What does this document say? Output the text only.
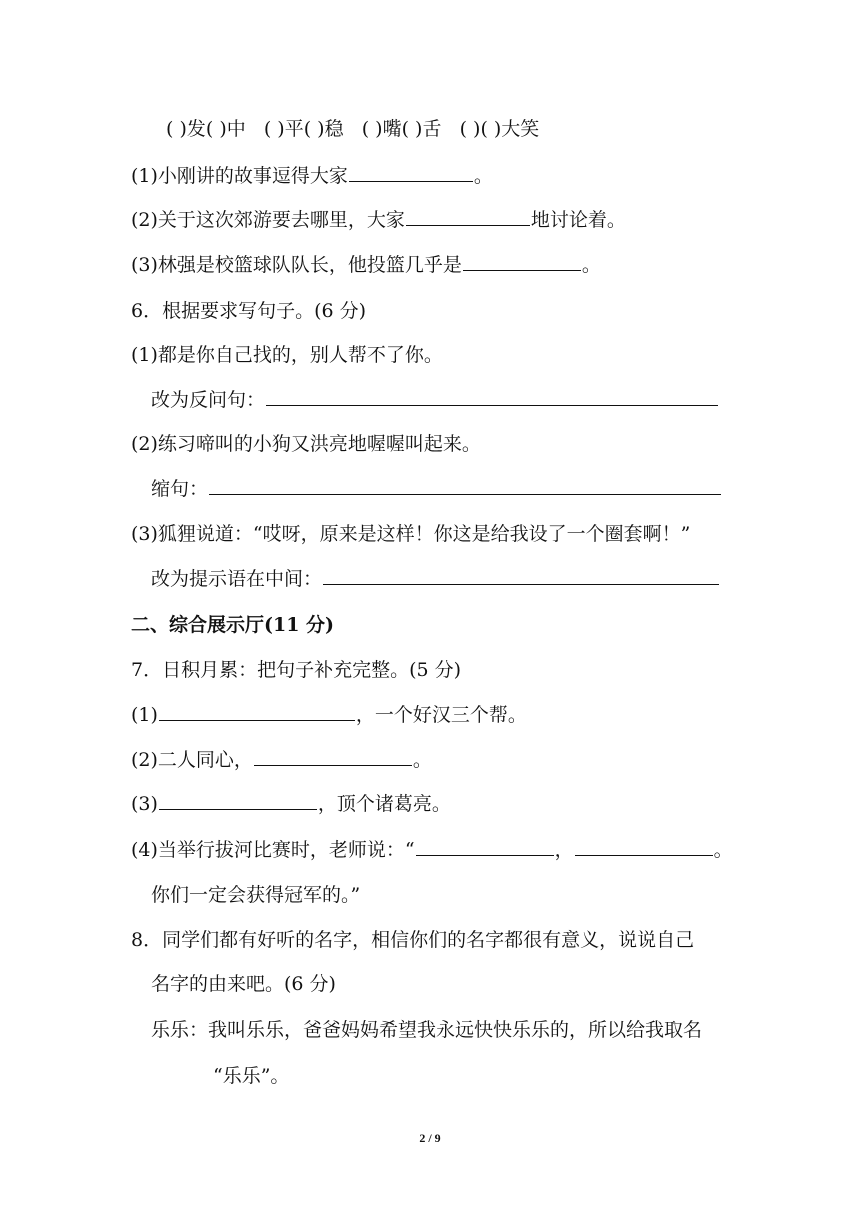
( )发( )中 ( )平( )稳 ( )嘴( )舌 ( )( )大笑
(1)小刚讲的故事逗得大家	。
(2)关于这次郊游要去哪里，大家	地讨论着。
(3)林强是校篮球队队长，他投篮几乎是	。
6．根据要求写句子。(6 分)
(1)都是你自己找的，别人帮不了你。
改为反问句：
(2)练习啼叫的小狗又洪亮地喔喔叫起来。
缩句：
(3)狐狸说道：“哎呀，原来是这样！你这是给我设了一个圈套啊！”
改为提示语在中间：
二、综合展示厅(11 分)
7．日积月累：把句子补充完整。(5 分)
(1)	，一个好汉三个帮。
(2)二人同心，	。
(3)	，顶个诸葛亮。
(4)当举行拔河比赛时，老师说：“	，	。
你们一定会获得冠军的。”
8．同学们都有好听的名字，相信你们的名字都很有意义，说说自己
名字的由来吧。(6 分)
乐乐：我叫乐乐，爸爸妈妈希望我永远快快乐乐的，所以给我取名
“乐乐”。
2 / 9
